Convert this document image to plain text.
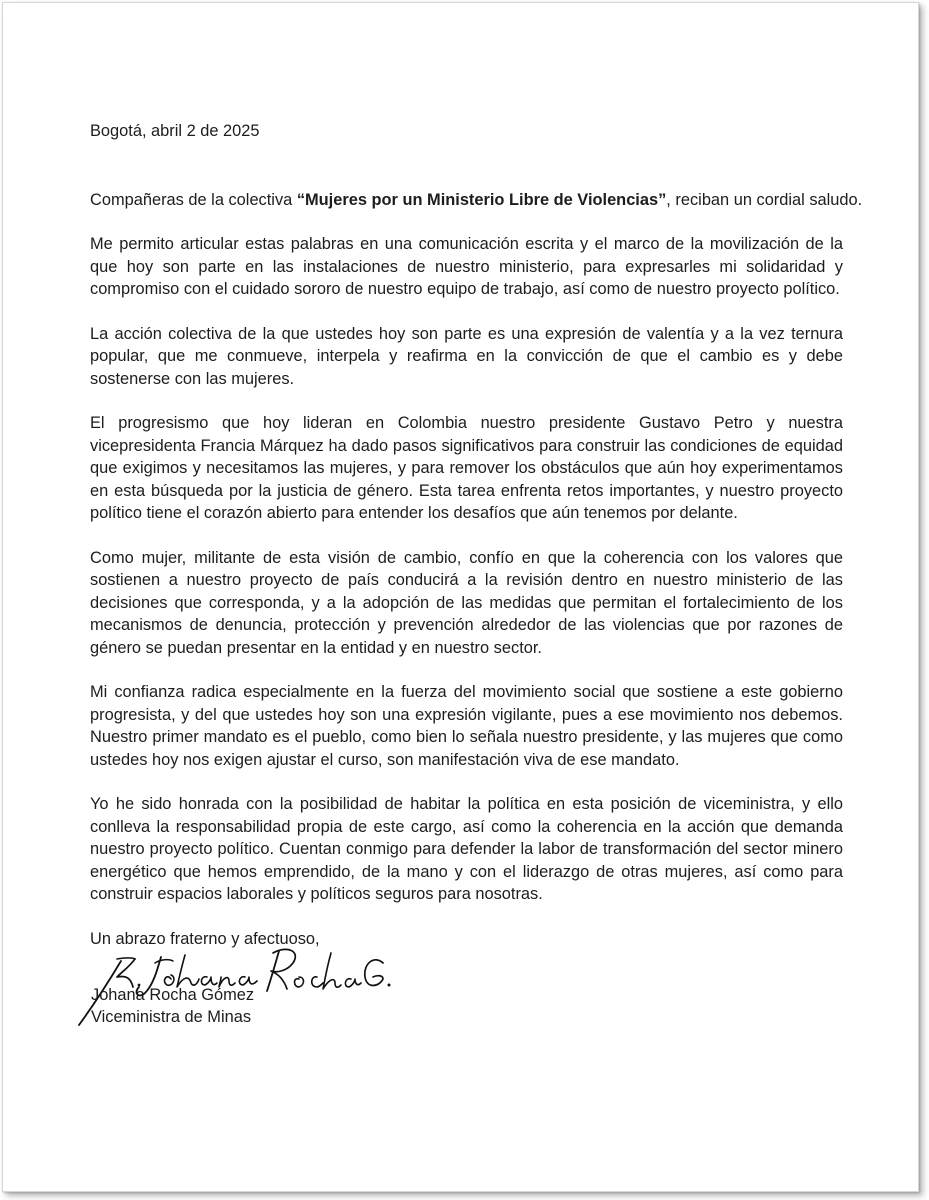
Bogotá, abril 2 de 2025

Compañeras de la colectiva “Mujeres por un Ministerio Libre de Violencias”, reciban un cordial saludo.

Me permito articular estas palabras en una comunicación escrita y el marco de la movilización de la que hoy son parte en las instalaciones de nuestro ministerio, para expresarles mi solidaridad y compromiso con el cuidado sororo de nuestro equipo de trabajo, así como de nuestro proyecto político.

La acción colectiva de la que ustedes hoy son parte es una expresión de valentía y a la vez ternura popular, que me conmueve, interpela y reafirma en la convicción de que el cambio es y debe sostenerse con las mujeres.

El progresismo que hoy lideran en Colombia nuestro presidente Gustavo Petro y nuestra vicepresidenta Francia Márquez ha dado pasos significativos para construir las condiciones de equidad que exigimos y necesitamos las mujeres, y para remover los obstáculos que aún hoy experimentamos en esta búsqueda por la justicia de género. Esta tarea enfrenta retos importantes, y nuestro proyecto político tiene el corazón abierto para entender los desafíos que aún tenemos por delante.

Como mujer, militante de esta visión de cambio, confío en que la coherencia con los valores que sostienen a nuestro proyecto de país conducirá a la revisión dentro en nuestro ministerio de las decisiones que corresponda, y a la adopción de las medidas que permitan el fortalecimiento de los mecanismos de denuncia, protección y prevención alrededor de las violencias que por razones de género se puedan presentar en la entidad y en nuestro sector.

Mi confianza radica especialmente en la fuerza del movimiento social que sostiene a este gobierno progresista, y del que ustedes hoy son una expresión vigilante, pues a ese movimiento nos debemos. Nuestro primer mandato es el pueblo, como bien lo señala nuestro presidente, y las mujeres que como ustedes hoy nos exigen ajustar el curso, son manifestación viva de ese mandato.

Yo he sido honrada con la posibilidad de habitar la política en esta posición de viceministra, y ello conlleva la responsabilidad propia de este cargo, así como la coherencia en la acción que demanda nuestro proyecto político. Cuentan conmigo para defender la labor de transformación del sector minero energético que hemos emprendido, de la mano y con el liderazgo de otras mujeres, así como para construir espacios laborales y políticos seguros para nosotras.

Un abrazo fraterno y afectuoso,

Johana Rocha Gómez
Viceministra de Minas
